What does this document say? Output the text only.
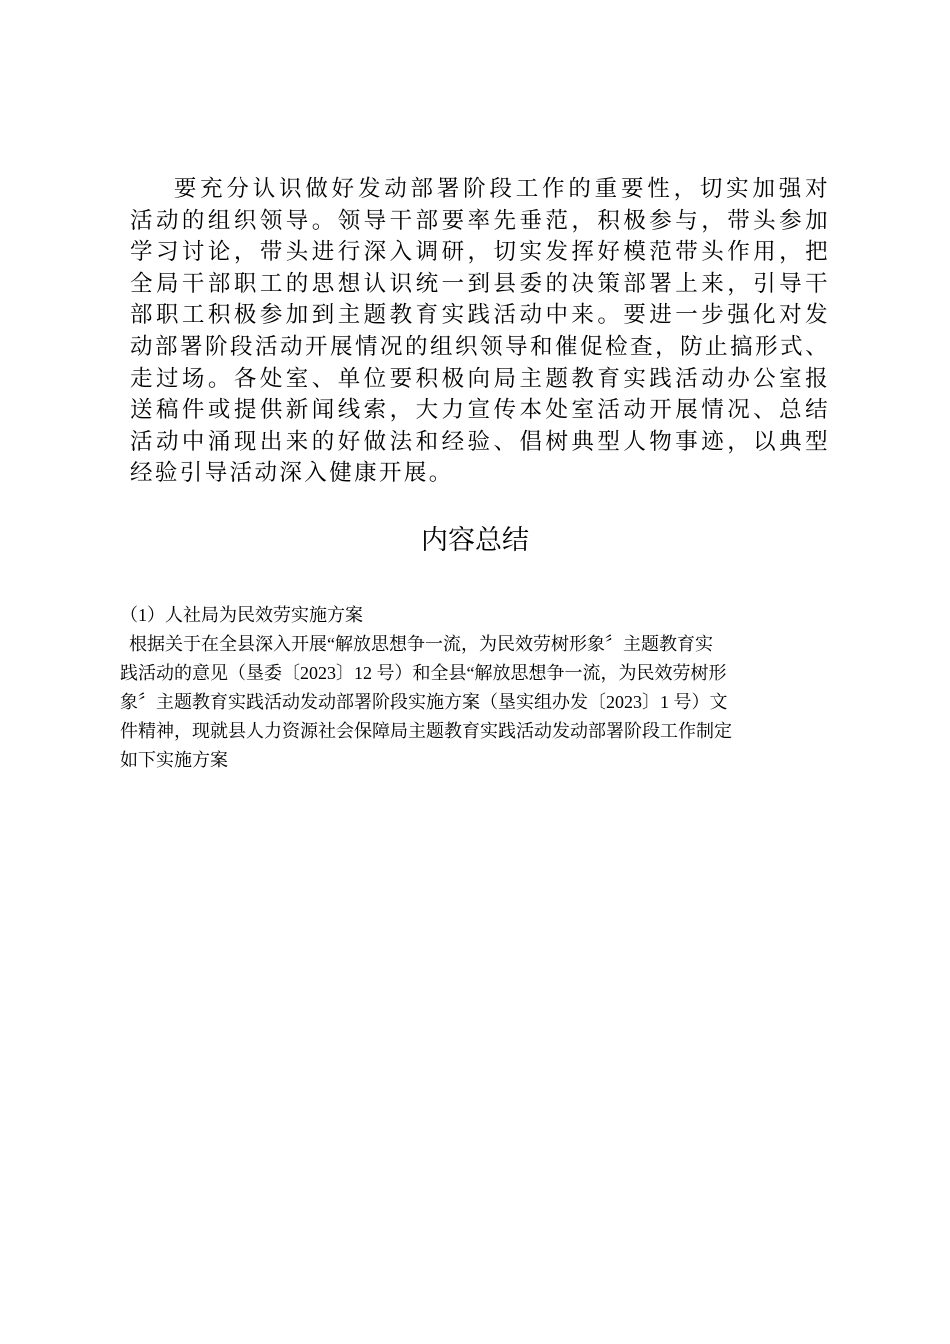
要充分认识做好发动部署阶段工作的重要性，切实加强对
活动的组织领导。领导干部要率先垂范，积极参与，带头参加
学习讨论，带头进行深入调研，切实发挥好模范带头作用，把
全局干部职工的思想认识统一到县委的决策部署上来，引导干
部职工积极参加到主题教育实践活动中来。要进一步强化对发
动部署阶段活动开展情况的组织领导和催促检查，防止搞形式、
走过场。各处室、单位要积极向局主题教育实践活动办公室报
送稿件或提供新闻线索，大力宣传本处室活动开展情况、总结
活动中涌现出来的好做法和经验、倡树典型人物事迹，以典型
经验引导活动深入健康开展。

内容总结
（1）人社局为民效劳实施方案
根据关于在全县深入开展“解放思想争一流，为民效劳树形象〞主题教育实
践活动的意见（垦委〔2023〕12 号）和全县“解放思想争一流，为民效劳树形
象〞主题教育实践活动发动部署阶段实施方案（垦实组办发〔2023〕1 号）文
件精神，现就县人力资源社会保障局主题教育实践活动发动部署阶段工作制定
如下实施方案
